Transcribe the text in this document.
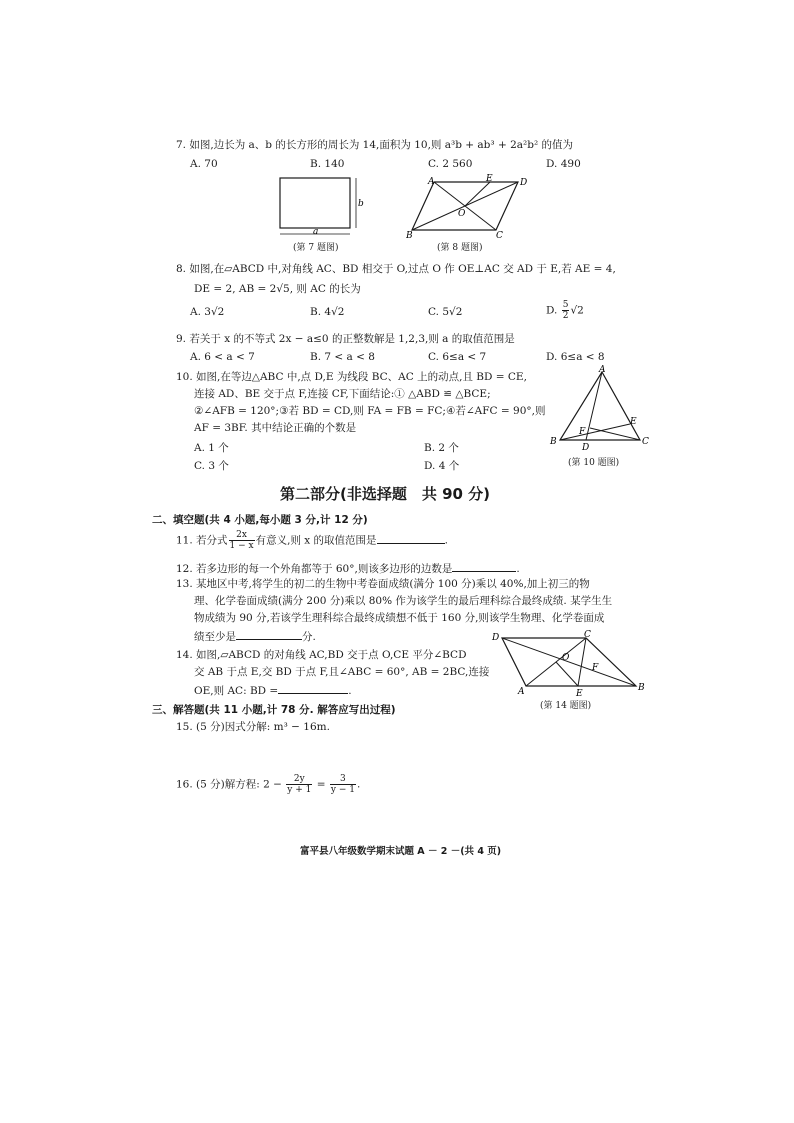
7. 如图,边长为 a、b 的长方形的周长为 14,面积为 10,则 a³b + ab³ + 2a²b² 的值为
A. 70	B. 140	C. 2 560	D. 490
a
b
(第 7 题图)
A	E	D
O
B	C
(第 8 题图)
8. 如图,在▱ABCD 中,对角线 AC、BD 相交于 O,过点 O 作 OE⊥AC 交 AD 于 E,若 AE = 4,
DE = 2, AB = 2√5, 则 AC 的长为
A. 3√2	B. 4√2	C. 5√2	D. $\frac{5}{2} √2$
9. 若关于 x 的不等式 2x − a≤0 的正整数解是 1,2,3,则 a 的取值范围是
A. 6 < a < 7	B. 7 < a < 8	C. 6≤a < 7	D. 6≤a < 8
10. 如图,在等边△ABC 中,点 D,E 为线段 BC、AC 上的动点,且 BD = CE,
连接 AD、BE 交于点 F,连接 CF,下面结论:① △ABD ≌ △BCE;
②∠AFB = 120°;③若 BD = CD,则 FA = FB = FC;④若∠AFC = 90°,则
AF = 3BF. 其中结论正确的个数是
A. 1 个	B. 2 个
C. 3 个	D. 4 个
A
B	C
D
E
F
(第 10 题图)
第二部分(非选择题　共 90 分)
二、填空题(共 4 小题,每小题 3 分,计 12 分)
11. 若分式 $\frac{2x}{1 - x}$ 有意义,则 x 的取值范围是	.
12. 若多边形的每一个外角都等于 60°,则该多边形的边数是	.
13. 某地区中考,将学生的初二的生物中考卷面成绩(满分 100 分)乘以 40%,加上初三的物
理、化学卷面成绩(满分 200 分)乘以 80% 作为该学生的最后理科综合最终成绩. 某学生生
物成绩为 90 分,若该学生理科综合最终成绩想不低于 160 分,则该学生物理、化学卷面成
绩至少是	分.
14. 如图,▱ABCD 的对角线 AC,BD 交于点 O,CE 平分∠BCD
交 AB 于点 E,交 BD 于点 F,且∠ABC = 60°, AB = 2BC,连接
OE,则 AC: BD =	.
D	C
O
F
A	E
B
(第 14 题图)
三、解答题(共 11 小题,计 78 分. 解答应写出过程)
15. (5 分)因式分解: m³ − 16m.
16. (5 分)解方程: $2 - \frac{2y}{y + 1} = \frac{3}{y - 1}$ .
富平县八年级数学期末试题 A － 2 －(共 4 页)
